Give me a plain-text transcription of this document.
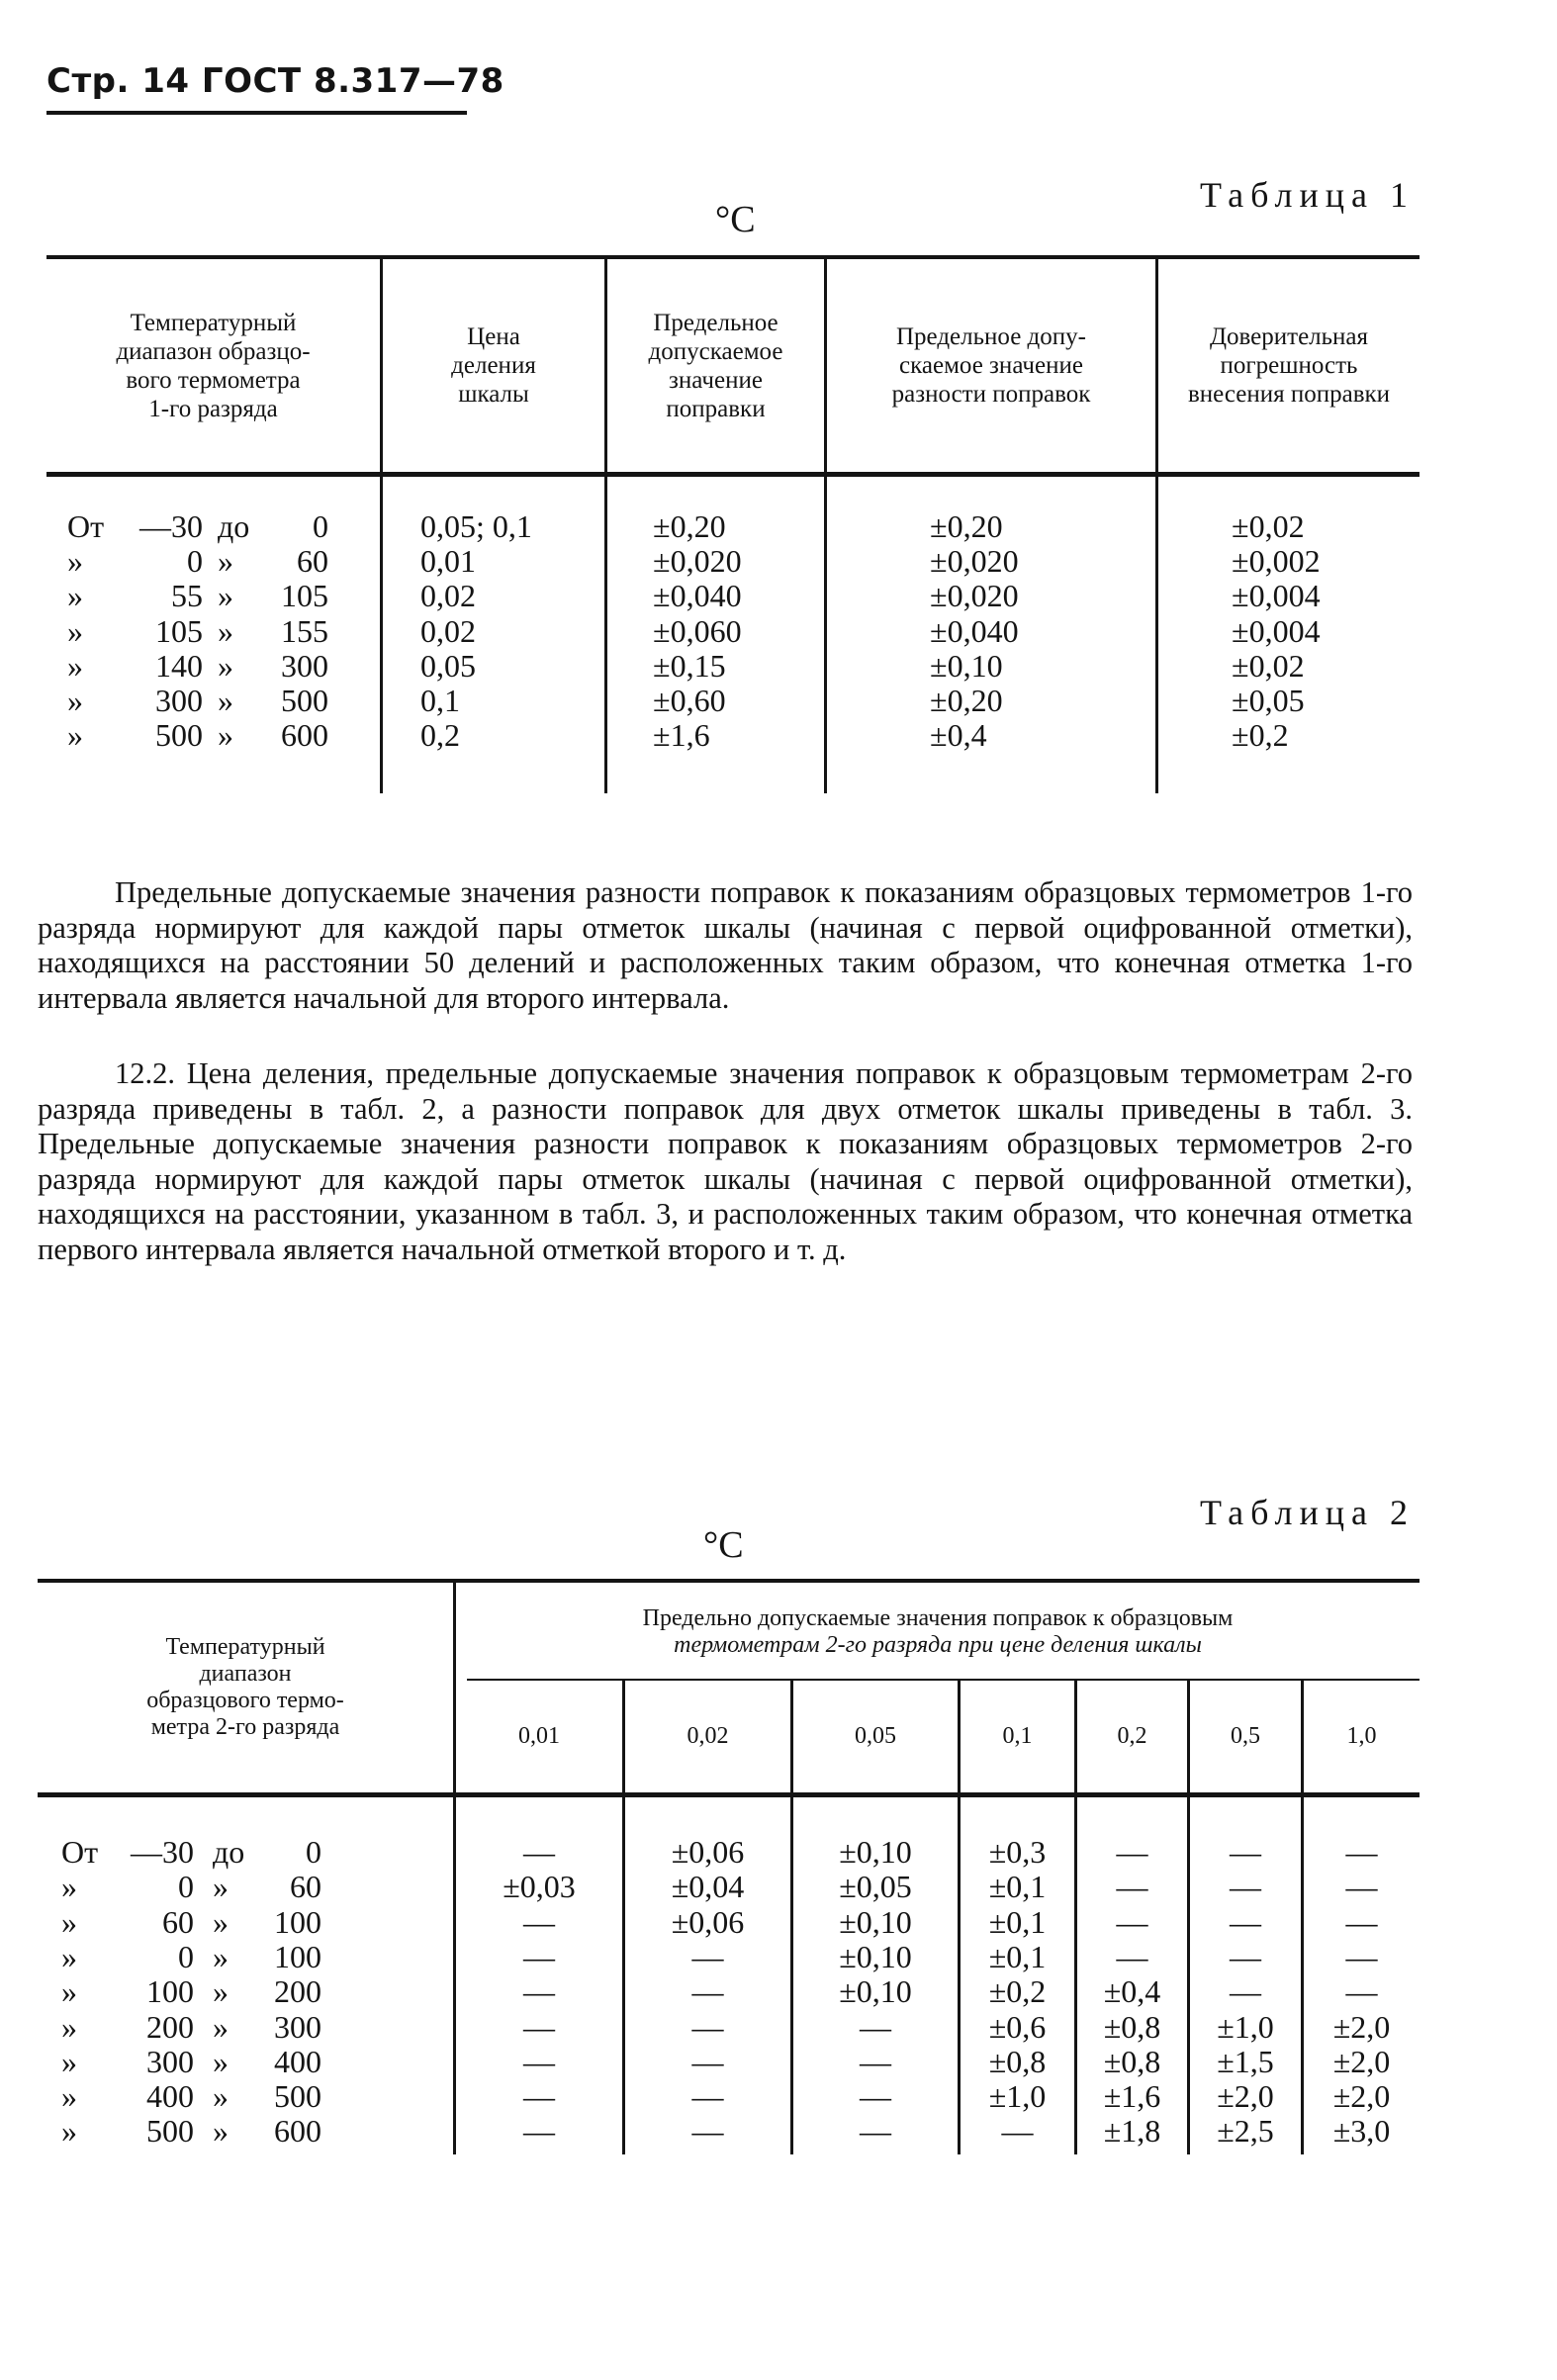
Стр. 14 ГОСТ 8.317—78
Таблица 1
°С
Температурный
диапазон образцо-
вого термометра
1-го разряда
Цена
деления
шкалы
Предельное
допускаемое
значение
поправки
Предельное допу-
скаемое значение
разности поправок
Доверительная
погрешность
внесения поправки
От	—30 до	0	0,05; 0,1	±0,20	±0,20	±0,02
»	0 »	60	0,01	±0,020	±0,020	±0,002
»	55 »	105	0,02	±0,040	±0,020	±0,004
»	105 »	155	0,02	±0,060	±0,040	±0,004
»	140 »	300	0,05	±0,15	±0,10	±0,02
»	300 »	500	0,1	±0,60	±0,20	±0,05
»	500 »	600	0,2	±1,6	±0,4	±0,2
Предельные допускаемые значения разности поправок к показаниям образцовых термометров 1-го разряда нормируют для каждой пары отметок шкалы (начиная с первой оцифрованной отметки), находящихся на расстоянии 50 делений и расположенных таким образом, что конечная отметка 1-го интервала является начальной для второго интервала.
12.2. Цена деления, предельные допускаемые значения поправок к образцовым термометрам 2-го разряда приведены в табл. 2, а разности поправок для двух отметок шкалы приведены в табл. 3. Предельные допускаемые значения разности поправок к показаниям образцовых термометров 2-го разряда нормируют для каждой пары отметок шкалы (начиная с первой оцифрованной отметки), находящихся на расстоянии, указанном в табл. 3, и расположенных таким образом, что конечная отметка первого интервала является начальной отметкой второго и т. д.
Таблица 2
°С
Температурный
диапазон
образцового термо-
метра 2-го разряда
Предельно допускаемые значения поправок к образцовым
термометрам 2-го разряда при цене деления шкалы
0,01	0,02	0,05	0,1	0,2	0,5	1,0
От	—30 до	0	—	±0,06	±0,10	±0,3	—	—	—
»	0 »	60	±0,03	±0,04	±0,05	±0,1	—	—	—
»	60 »	100	—	±0,06	±0,10	±0,1	—	—	—
»	0 »	100	—	—	±0,10	±0,1	—	—	—
»	100 »	200	—	—	±0,10	±0,2	±0,4	—	—
»	200 »	300	—	—	—	±0,6	±0,8	±1,0	±2,0
»	300 »	400	—	—	—	±0,8	±0,8	±1,5	±2,0
»	400 »	500	—	—	—	±1,0	±1,6	±2,0	±2,0
»	500 »	600	—	—	—	—	±1,8	±2,5	±3,0
